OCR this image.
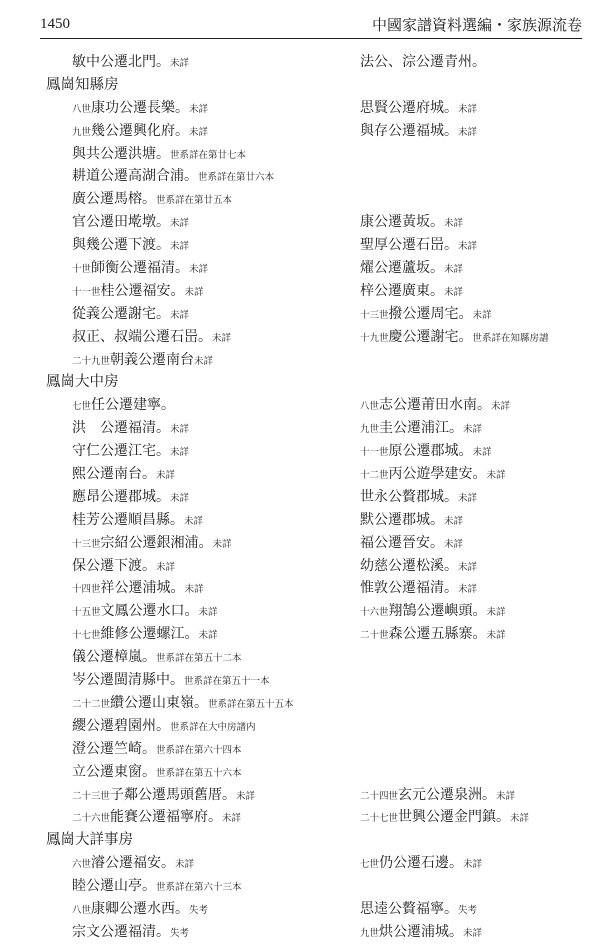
1450	中國家譜資料選編・家族源流卷
敏中公遷北門。未詳	法公、淙公遷青州。
鳳崗知縣房
八世康功公遷長樂。未詳	思賢公遷府城。未詳
九世幾公遷興化府。未詳	與存公遷福城。未詳
與共公遷洪塘。世系詳在第廿七本
耕道公遷高湖合浦。世系詳在第廿六本
廣公遷馬榕。世系詳在第廿五本
官公遷田墘墩。未詳	康公遷黃坂。未詳
與幾公遷下渡。未詳	聖厚公遷石岊。未詳
十世師衡公遷福清。未詳	燿公遷蘆坂。未詳
十一世桂公遷福安。未詳	梓公遷廣東。未詳
從義公遷謝宅。未詳	十三世撥公遷周宅。未詳
叔正、叔端公遷石岊。未詳	十九世慶公遷謝宅。世系詳在知縣房譜
二十九世朝義公遷南台未詳
鳳崗大中房
七世任公遷建寧。	八世志公遷莆田水南。未詳
洪　公遷福清。未詳	九世圭公遷浦江。未詳
守仁公遷江宅。未詳	十一世原公遷郡城。未詳
熙公遷南台。未詳	十二世丙公遊學建安。未詳
應昂公遷郡城。未詳	世永公贅郡城。未詳
桂芳公遷順昌縣。未詳	默公遷郡城。未詳
十三世宗紹公遷銀湘浦。未詳	福公遷晉安。未詳
保公遷下渡。未詳	幼慈公遷松溪。未詳
十四世祥公遷浦城。未詳	惟敦公遷福清。未詳
十五世文鳳公遷水口。未詳	十六世翔鵠公遷嶼頭。未詳
十七世維修公遷螺江。未詳	二十世森公遷五縣寨。未詳
儀公遷樟嵐。世系詳在第五十二本
岑公遷閩清縣中。世系詳在第五十一本
二十二世纘公遷山東嶺。世系詳在第五十五本
纓公遷碧園州。世系詳在大中房譜内
澄公遷竺崎。世系詳在第六十四本
立公遷東窗。世系詳在第五十六本
二十三世子鄰公遷馬頭舊厝。未詳	二十四世玄元公遷泉洲。未詳
二十六世能賽公遷福寧府。未詳	二十七世世興公遷金門鎮。未詳
鳳崗大詳事房
六世濬公遷福安。未詳	七世仍公遷石邊。未詳
睦公遷山亭。世系詳在第六十三本
八世康卿公遷水西。失考	思逵公贅福寧。失考
宗文公遷福清。失考	九世烘公遷浦城。未詳
